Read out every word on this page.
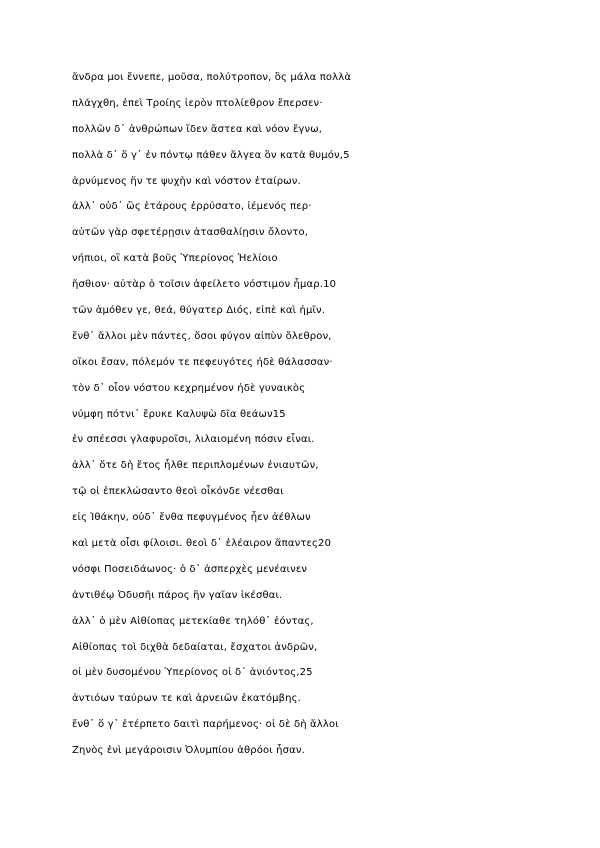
ἄνδρα μοι ἔννεπε, μοῦσα, πολύτροπον, ὃς μάλα πολλὰ
πλάγχθη, ἐπεὶ Τροίης ἱερὸν πτολίεθρον ἔπερσεν·
πολλῶν δ᾽ ἀνθρώπων ἴδεν ἄστεα καὶ νόον ἔγνω,
πολλὰ δ᾽ ὅ γ᾽ ἐν πόντῳ πάθεν ἄλγεα ὃν κατὰ θυμόν,5
ἀρνύμενος ἥν τε ψυχὴν καὶ νόστον ἑταίρων.
ἀλλ᾽ οὐδ᾽ ὣς ἑτάρους ἐρρύσατο, ἱέμενός περ·
αὐτῶν γὰρ σφετέρῃσιν ἀτασθαλίῃσιν ὄλοντο,
νήπιοι, οἳ κατὰ βοῦς Ὑπερίονος Ἠελίοιο
ἤσθιον· αὐτὰρ ὁ τοῖσιν ἀφείλετο νόστιμον ἦμαρ.10
τῶν ἁμόθεν γε, θεά, θύγατερ Διός, εἰπὲ καὶ ἡμῖν.
ἔνθ᾽ ἄλλοι μὲν πάντες, ὅσοι φύγον αἰπὺν ὄλεθρον,
οἴκοι ἔσαν, πόλεμόν τε πεφευγότες ἠδὲ θάλασσαν·
τὸν δ᾽ οἶον νόστου κεχρημένον ἠδὲ γυναικὸς
νύμφη πότνι᾽ ἔρυκε Καλυψὼ δῖα θεάων15
ἐν σπέεσσι γλαφυροῖσι, λιλαιομένη πόσιν εἶναι.
ἀλλ᾽ ὅτε δὴ ἔτος ἦλθε περιπλομένων ἐνιαυτῶν,
τῷ οἱ ἐπεκλώσαντο θεοὶ οἶκόνδε νέεσθαι
εἰς Ἰθάκην, οὐδ᾽ ἔνθα πεφυγμένος ἦεν ἀέθλων
καὶ μετὰ οἷσι φίλοισι. θεοὶ δ᾽ ἐλέαιρον ἅπαντες20
νόσφι Ποσειδάωνος· ὁ δ᾽ ἀσπερχὲς μενέαινεν
ἀντιθέῳ Ὀδυσῆι πάρος ἣν γαῖαν ἱκέσθαι.
ἀλλ᾽ ὁ μὲν Αἰθίοπας μετεκίαθε τηλόθ᾽ ἐόντας,
Αἰθίοπας τοὶ διχθὰ δεδαίαται, ἔσχατοι ἀνδρῶν,
οἱ μὲν δυσομένου Ὑπερίονος οἱ δ᾽ ἀνιόντος,25
ἀντιόων ταύρων τε καὶ ἀρνειῶν ἑκατόμβης.
ἔνθ᾽ ὅ γ᾽ ἐτέρπετο δαιτὶ παρήμενος· οἱ δὲ δὴ ἄλλοι
Ζηνὸς ἐνὶ μεγάροισιν Ὀλυμπίου ἁθρόοι ἦσαν.
